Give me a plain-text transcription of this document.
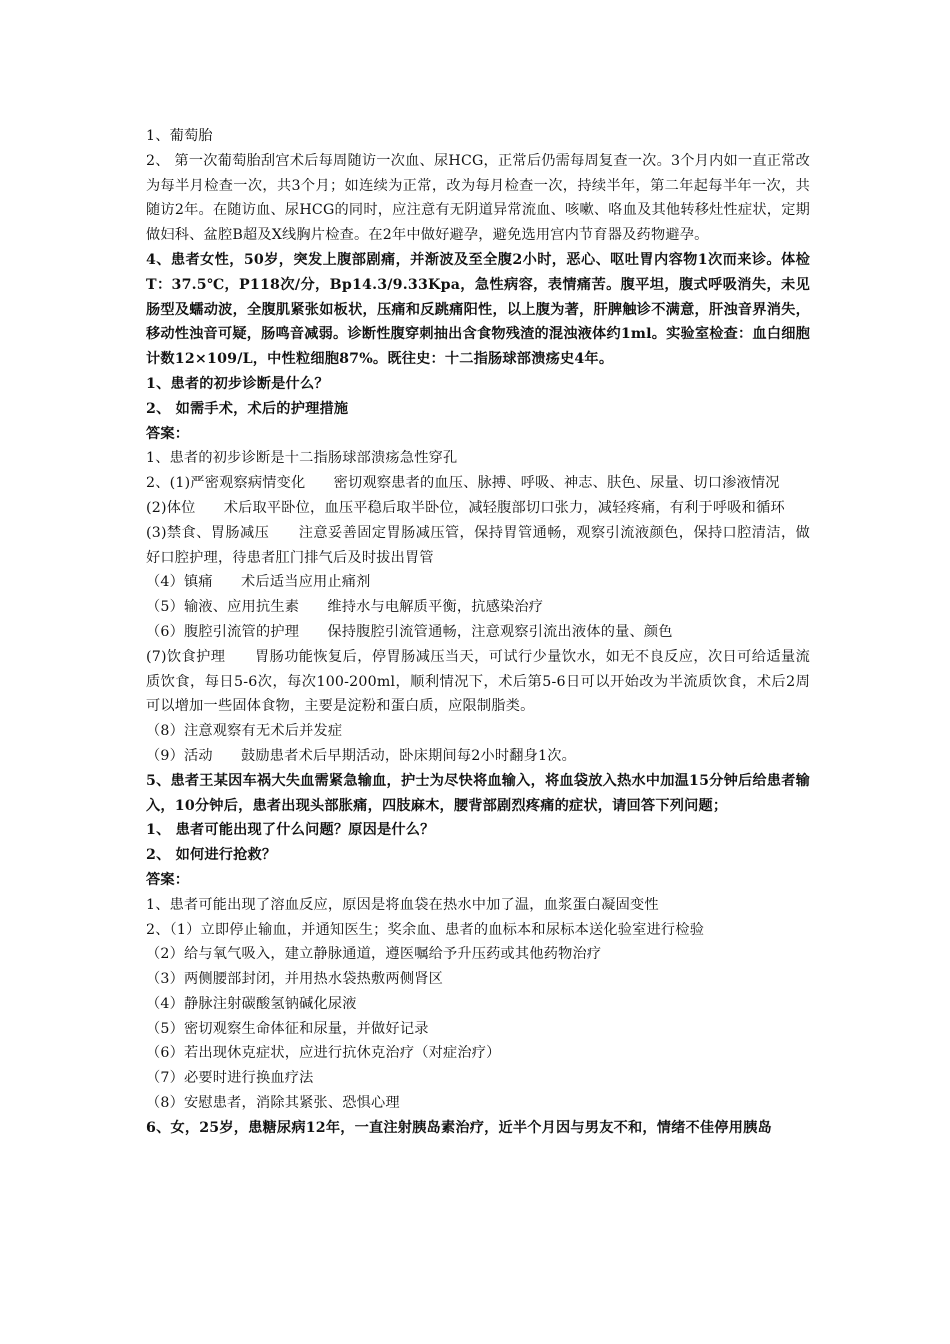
1、葡萄胎

2、 第一次葡萄胎刮宫术后每周随访一次血、尿HCG，正常后仍需每周复查一次。3个月内如一直正常改为每半月检查一次，共3个月；如连续为正常，改为每月检查一次，持续半年，第二年起每半年一次，共随访2年。在随访血、尿HCG的同时，应注意有无阴道异常流血、咳嗽、咯血及其他转移灶性症状，定期做妇科、盆腔B超及X线胸片检查。在2年中做好避孕，避免选用宫内节育器及药物避孕。

4、患者女性，50岁，突发上腹部剧痛，并渐波及至全腹2小时，恶心、呕吐胃内容物1次而来诊。体检T：37.5℃，P118次/分，Bp14.3/9.33Kpa，急性病容，表情痛苦。腹平坦，腹式呼吸消失，未见肠型及蠕动波，全腹肌紧张如板状，压痛和反跳痛阳性，以上腹为著，肝脾触诊不满意，肝浊音界消失，移动性浊音可疑，肠鸣音减弱。诊断性腹穿刺抽出含食物残渣的混浊液体约1ml。实验室检查：血白细胞计数12×109/L，中性粒细胞87%。既往史：十二指肠球部溃疡史4年。

1、患者的初步诊断是什么？

2、 如需手术，术后的护理措施

答案：

1、患者的初步诊断是十二指肠球部溃疡急性穿孔

2、(1)严密观察病情变化      密切观察患者的血压、脉搏、呼吸、神志、肤色、尿量、切口渗液情况

(2)体位      术后取平卧位，血压平稳后取半卧位，减轻腹部切口张力，减轻疼痛，有利于呼吸和循环

(3)禁食、胃肠减压      注意妥善固定胃肠减压管，保持胃管通畅，观察引流液颜色，保持口腔清洁，做好口腔护理，待患者肛门排气后及时拔出胃管

（4）镇痛      术后适当应用止痛剂

（5）输液、应用抗生素      维持水与电解质平衡，抗感染治疗

（6）腹腔引流管的护理      保持腹腔引流管通畅，注意观察引流出液体的量、颜色

(7)饮食护理      胃肠功能恢复后，停胃肠减压当天，可试行少量饮水，如无不良反应，次日可给适量流质饮食，每日5-6次，每次100-200ml，顺利情况下，术后第5-6日可以开始改为半流质饮食，术后2周可以增加一些固体食物，主要是淀粉和蛋白质，应限制脂类。

（8）注意观察有无术后并发症

（9）活动      鼓励患者术后早期活动，卧床期间每2小时翻身1次。

5、患者王某因车祸大失血需紧急输血，护士为尽快将血输入，将血袋放入热水中加温15分钟后给患者输入，10分钟后，患者出现头部胀痛，四肢麻木，腰背部剧烈疼痛的症状，请回答下列问题；

1、 患者可能出现了什么问题？原因是什么？

2、 如何进行抢救？

答案：

1、患者可能出现了溶血反应，原因是将血袋在热水中加了温，血浆蛋白凝固变性

2、（1）立即停止输血，并通知医生；奖余血、患者的血标本和尿标本送化验室进行检验

（2）给与氧气吸入，建立静脉通道，遵医嘱给予升压药或其他药物治疗

（3）两侧腰部封闭，并用热水袋热敷两侧肾区

（4）静脉注射碳酸氢钠碱化尿液

（5）密切观察生命体征和尿量，并做好记录

（6）若出现休克症状，应进行抗休克治疗（对症治疗）

（7）必要时进行换血疗法

（8）安慰患者，消除其紧张、恐惧心理

6、女，25岁，患糖尿病12年，一直注射胰岛素治疗，近半个月因与男友不和，情绪不佳停用胰岛
